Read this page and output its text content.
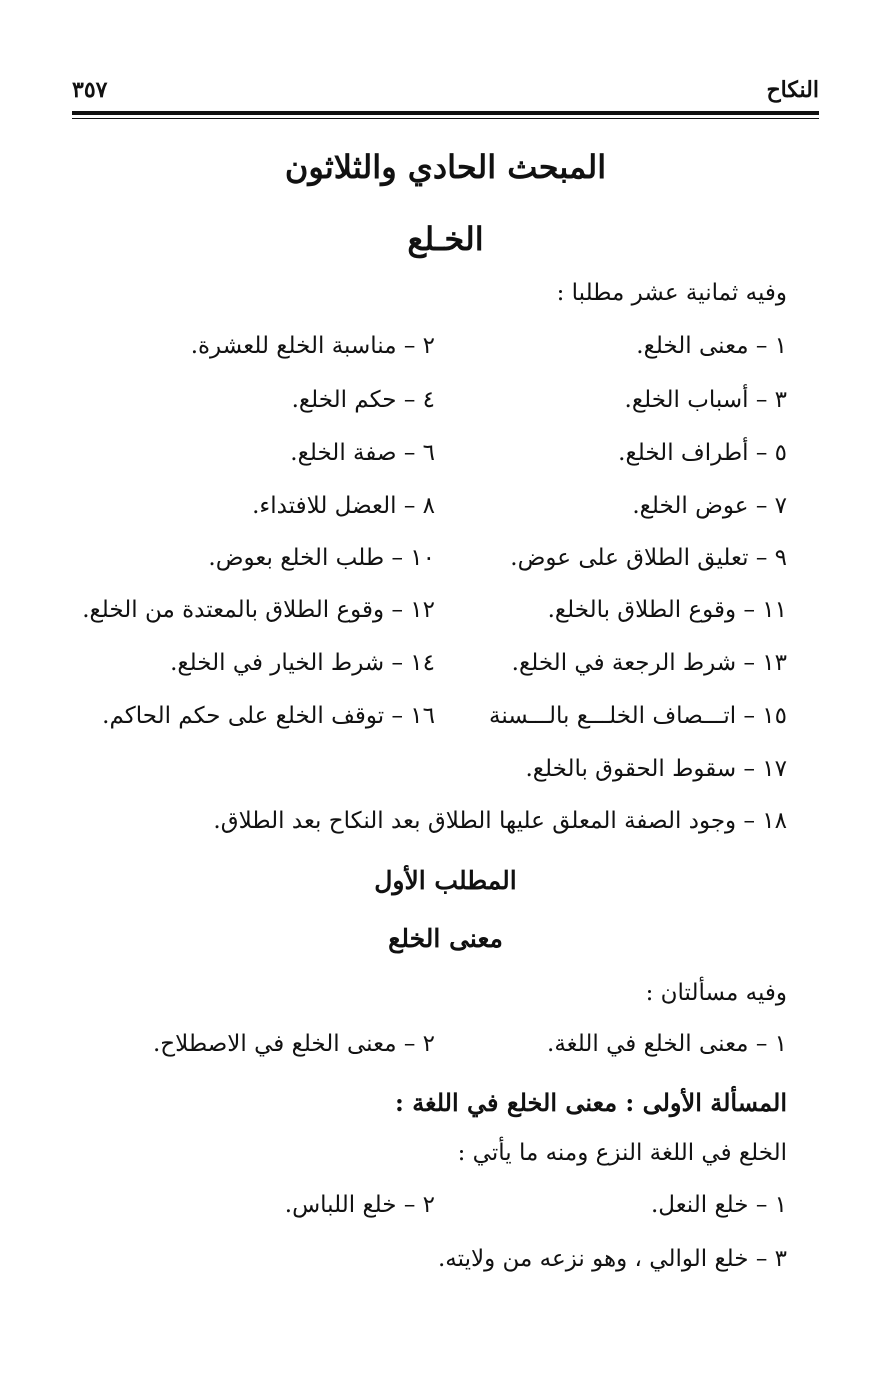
النكاح
٣٥٧
المبحث الحادي والثلاثون
الخـلع
وفيه ثمانية عشر مطلبا :
١ – معنى الخلع.
٢ – مناسبة الخلع للعشرة.
٣ – أسباب الخلع.
٤ – حكم الخلع.
٥ – أطراف الخلع.
٦ – صفة الخلع.
٧ – عوض الخلع.
٨ – العضل للافتداء.
٩ – تعليق الطلاق على عوض.
١٠ – طلب الخلع بعوض.
١١ – وقوع الطلاق بالخلع.
١٢ – وقوع الطلاق بالمعتدة من الخلع.
١٣ – شرط الرجعة في الخلع.
١٤ – شرط الخيار في الخلع.
١٥ – اتـــصاف الخلـــع بالـــسنة
١٦ – توقف الخلع على حكم الحاكم.
١٧ – سقوط الحقوق بالخلع.
١٨ – وجود الصفة المعلق عليها الطلاق بعد النكاح بعد الطلاق.
المطلب الأول
معنى الخلع
وفيه مسألتان :
١ – معنى الخلع في اللغة.
٢ – معنى الخلع في الاصطلاح.
المسألة الأولى : معنى الخلع في اللغة :
الخلع في اللغة النزع ومنه ما يأتي :
١ – خلع النعل.
٢ – خلع اللباس.
٣ – خلع الوالي ، وهو نزعه من ولايته.
